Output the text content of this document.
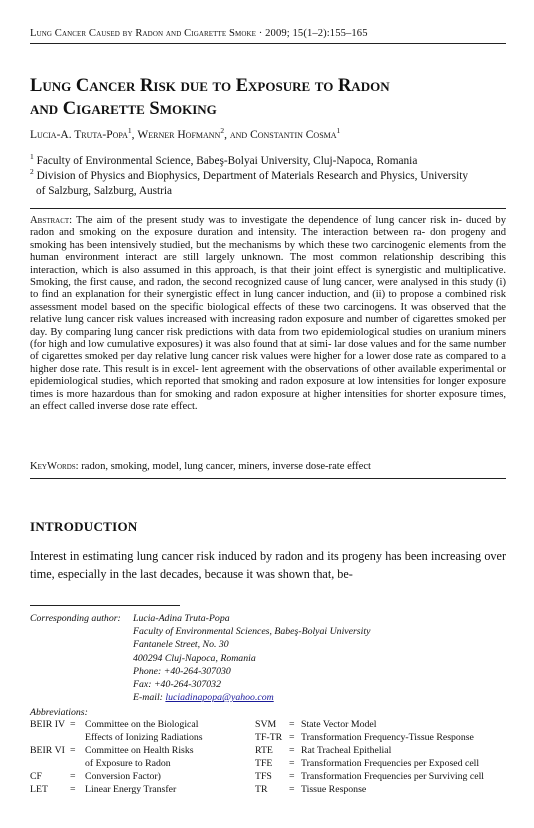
Lung Cancer Caused by Radon and Cigarette Smoke · 2009; 15(1–2):155–165
Lung Cancer Risk due to Exposure to Radon
and Cigarette Smoking
Lucia-A. Truta-Popa$^1$, Werner Hofmann$^2$, and Constantin Cosma$^1$
$^1$ Faculty of Environmental Science, Babeş-Bolyai University, Cluj-Napoca, Romania
$^2$ Division of Physics and Biophysics, Department of Materials Research and Physics, University
of Salzburg, Salzburg, Austria
Abstract: The aim of the present study was to investigate the dependence of lung cancer risk in- duced by radon and smoking on the exposure duration and intensity. The interaction between ra- don progeny and smoking has been intensively studied, but the mechanisms by which these two carcinogenic elements from the human environment interact are still largely unknown. The most common relationship describing this interaction, which is also assumed in this approach, is that their joint effect is synergistic and multiplicative. Smoking, the first cause, and radon, the second recognized cause of lung cancer, were analysed in this study (i) to find an explanation for their synergistic effect in lung cancer induction, and (ii) to propose a combined risk assessment model based on the specific biological effects of these two carcinogens. It was observed that the relative lung cancer risk values increased with increasing radon exposure and number of cigarettes smoked per day. By comparing lung cancer risk predictions with data from two epidemiological studies on uranium miners (for high and low cumulative exposures) it was also found that at simi- lar dose values and for the same number of cigarettes smoked per day relative lung cancer risk values were higher for a lower dose rate as compared to a higher dose rate. This result is in excel- lent agreement with the observations of other available experimental or epidemiological studies, which reported that smoking and radon exposure at low intensities for longer exposure times is more hazardous than for smoking and radon exposure at higher intensities for shorter exposure times, an effect called inverse dose rate effect.
KeyWords: radon, smoking, model, lung cancer, miners, inverse dose-rate effect
INTRODUCTION
Interest in estimating lung cancer risk induced by radon and its progeny has been increasing over time, especially in the last decades, because it was shown that, be-
Corresponding author: Lucia-Adina Truta-Popa
Faculty of Environmental Sciences, Babeş-Bolyai University
Fantanele Street, No. 30
400294 Cluj-Napoca, Romania
Phone: +40-264-307030
Fax: +40-264-307032
E-mail: luciadinapopa@yahoo.com
Abbreviations:
BEIR IV = Committee on the Biological
Effects of Ionizing Radiations
BEIR VI = Committee on Health Risks
of Exposure to Radon
CF	= Conversion Factor)
LET = Linear Energy Transfer
SVM = State Vector Model
TF-TR = Transformation Frequency-Tissue Response
RTE = Rat Tracheal Epithelial
TFE = Transformation Frequencies per Exposed cell
TFS = Transformation Frequencies per Surviving cell
TR = Tissue Response
